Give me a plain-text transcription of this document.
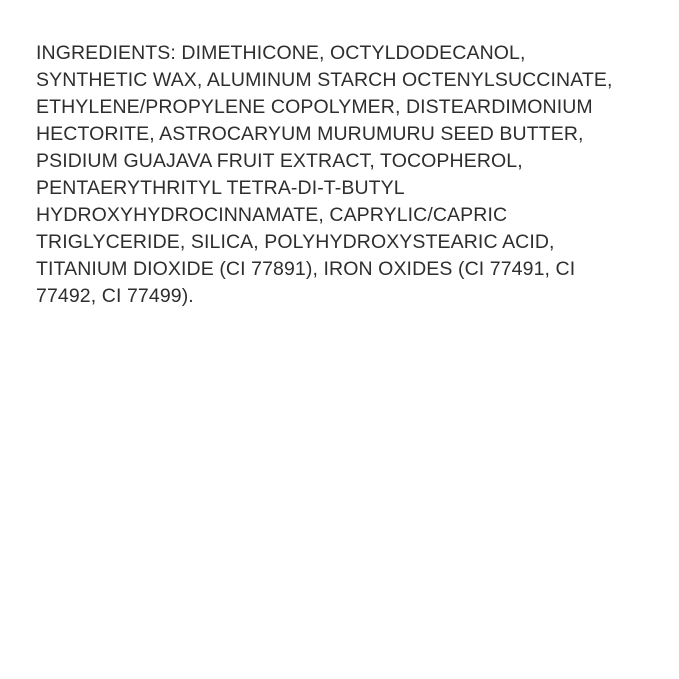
INGREDIENTS: DIMETHICONE, OCTYLDODECANOL,
SYNTHETIC WAX, ALUMINUM STARCH OCTENYLSUCCINATE,
ETHYLENE/PROPYLENE COPOLYMER, DISTEARDIMONIUM
HECTORITE, ASTROCARYUM MURUMURU SEED BUTTER,
PSIDIUM GUAJAVA FRUIT EXTRACT, TOCOPHEROL,
PENTAERYTHRITYL TETRA-DI-T-BUTYL
HYDROXYHYDROCINNAMATE, CAPRYLIC/CAPRIC
TRIGLYCERIDE, SILICA, POLYHYDROXYSTEARIC ACID,
TITANIUM DIOXIDE (CI 77891), IRON OXIDES (CI 77491, CI
77492, CI 77499).
